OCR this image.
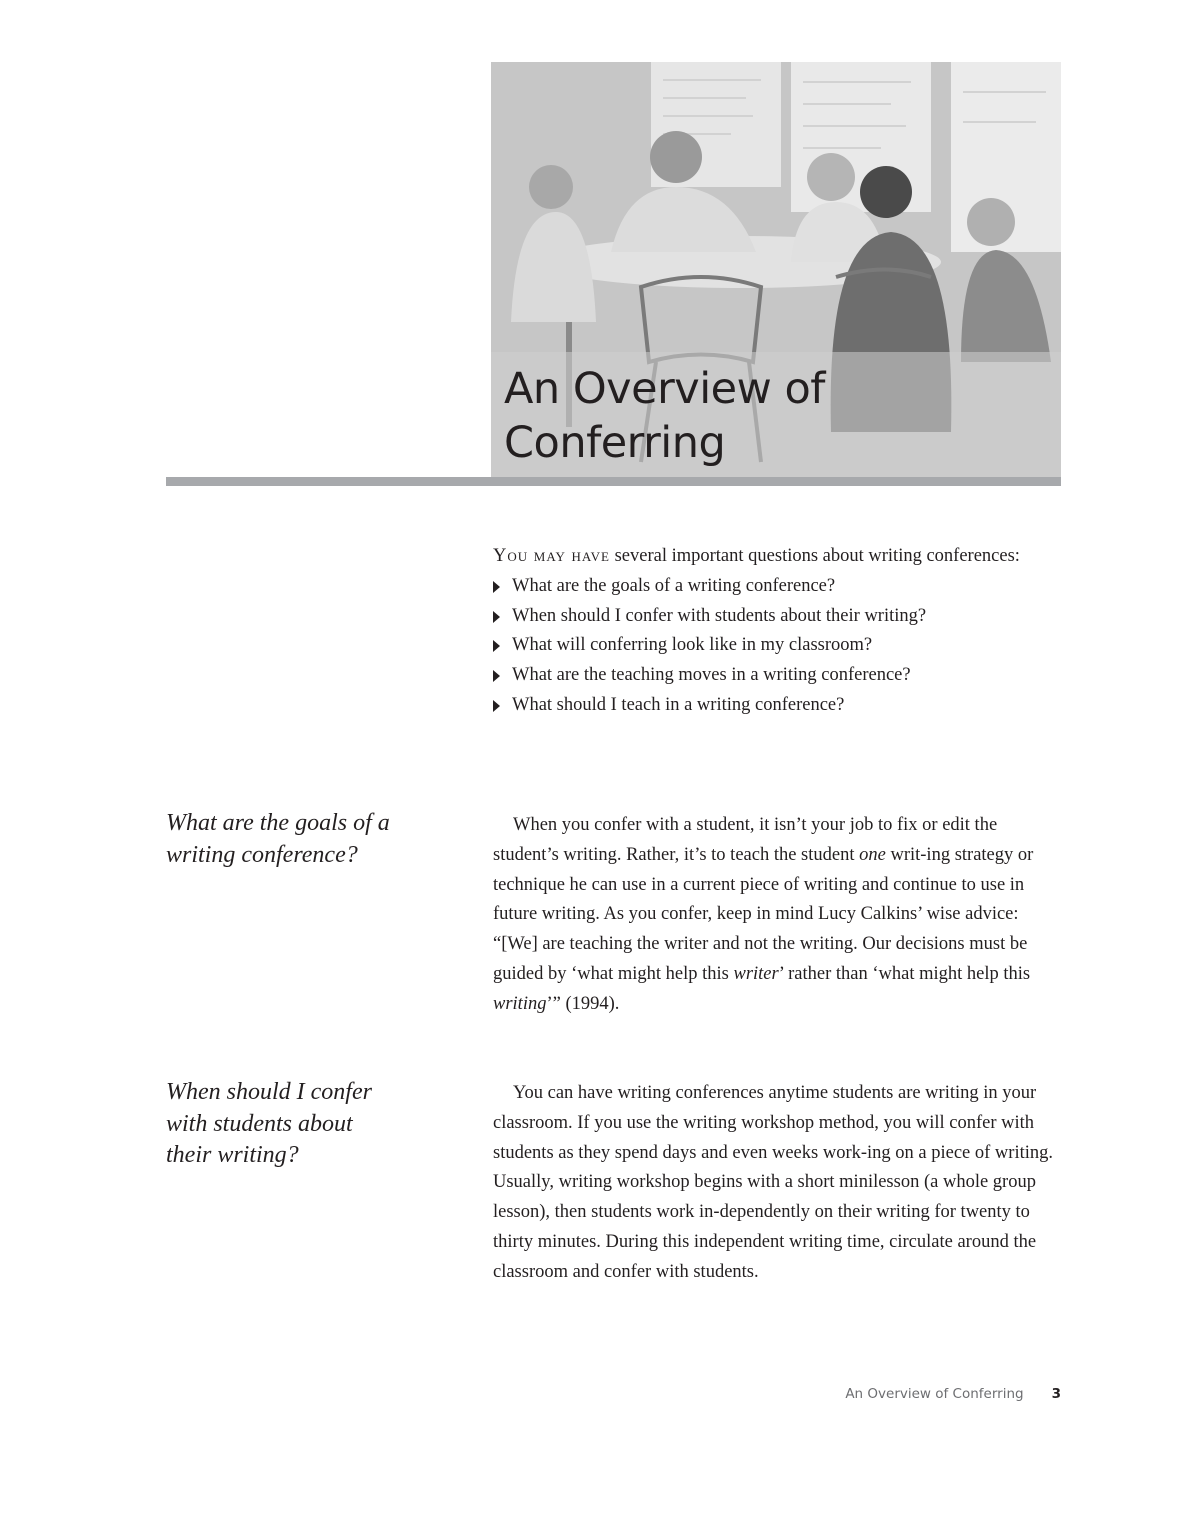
An Overview of
Conferring

You may have several important questions about writing conferences:

What are the goals of a writing conference?
When should I confer with students about their writing?
What will conferring look like in my classroom?
What are the teaching moves in a writing conference?
What should I teach in a writing conference?
What are the goals of a
writing conference?

When you confer with a student, it isn’t your job to fix or edit the student’s writing. Rather, it’s to teach the student one writ-ing strategy or technique he can use in a current piece of writing and continue to use in future writing. As you confer, keep in mind Lucy Calkins’ wise advice: “[We] are teaching the writer and not the writing. Our decisions must be guided by ‘what might help this writer’ rather than ‘what might help this writing’” (1994).

When should I confer
with students about
their writing?

You can have writing conferences anytime students are writing in your classroom. If you use the writing workshop method, you will confer with students as they spend days and even weeks work-ing on a piece of writing. Usually, writing workshop begins with a short minilesson (a whole group lesson), then students work in-dependently on their writing for twenty to thirty minutes. During this independent writing time, circulate around the classroom and confer with students.

An Overview of Conferring 3
